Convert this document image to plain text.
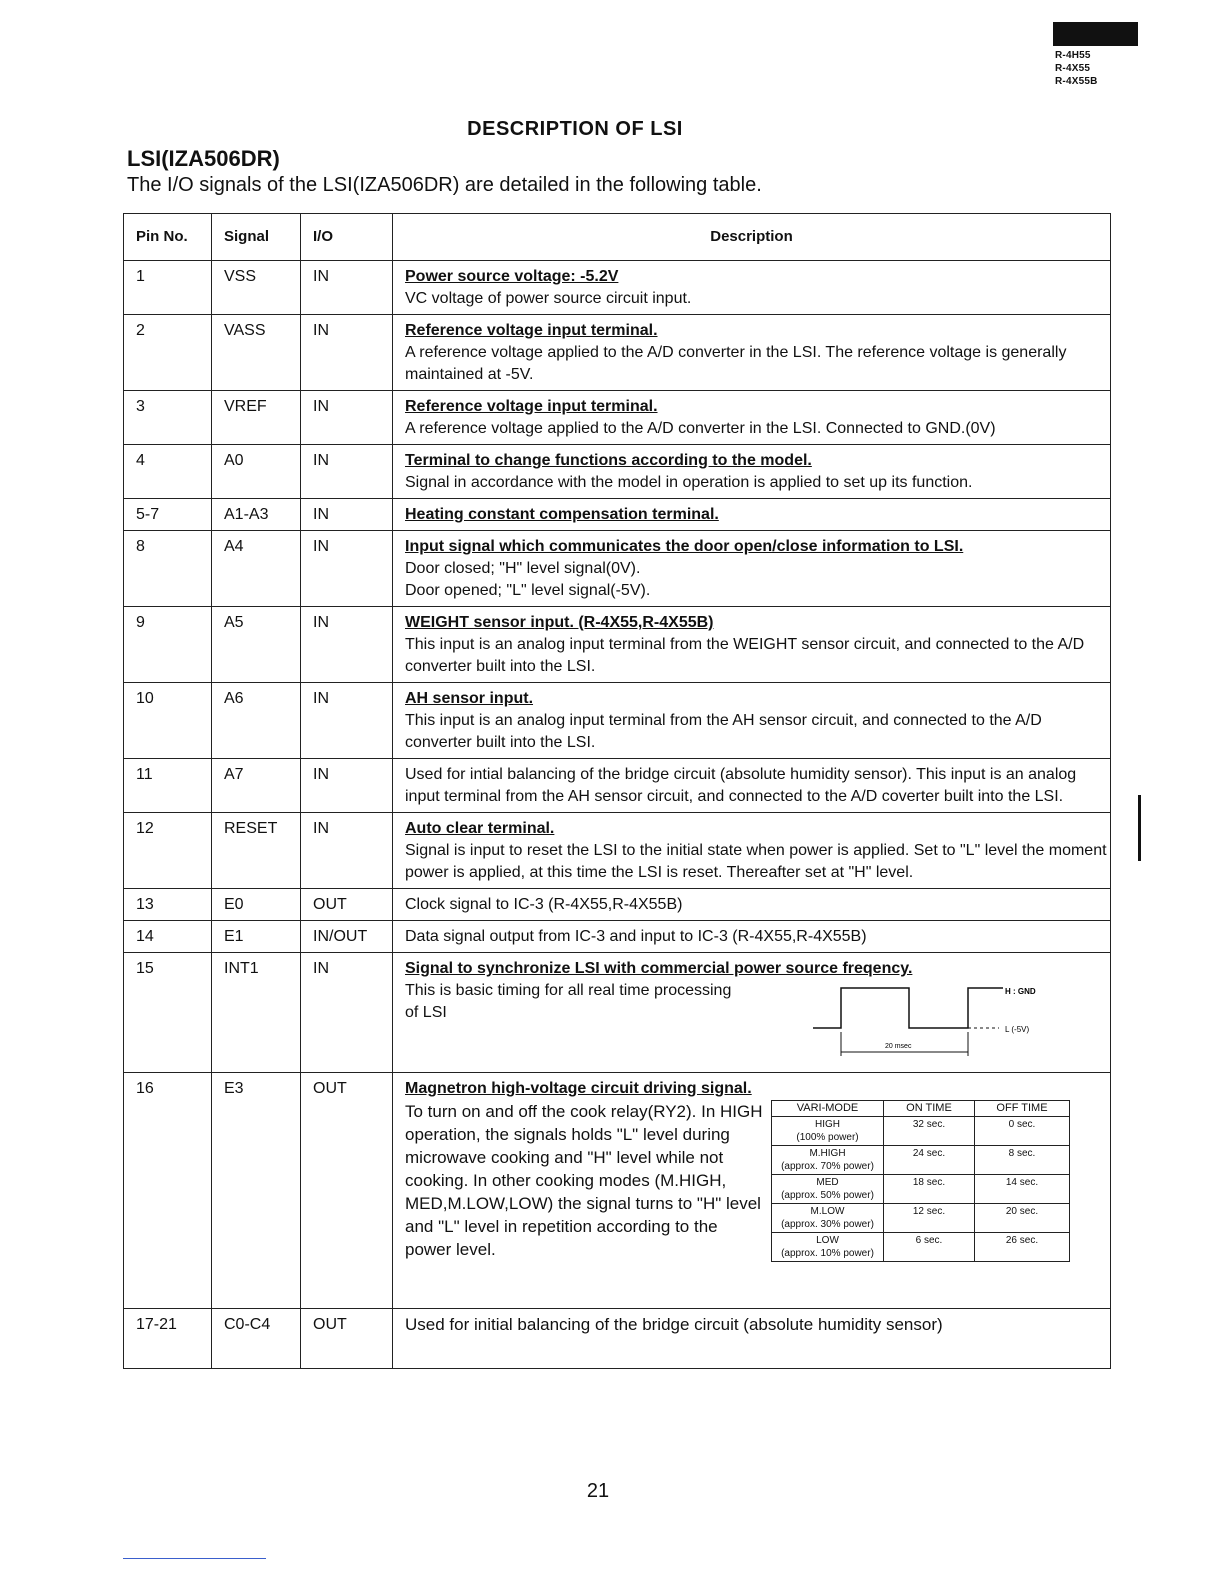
R-4H55
R-4X55
R-4X55B
DESCRIPTION OF LSI
LSI(IZA506DR)
The I/O signals of the LSI(IZA506DR) are detailed in the following table.
Pin No.	Signal	I/O	Description
1	VSS	IN	Power source voltage: -5.2V
VC voltage of power source circuit input.

2	VASS	IN	Reference voltage input terminal.
A reference voltage applied to the A/D converter in the LSI. The reference voltage is generally maintained at -5V.

3	VREF	IN	Reference voltage input terminal.
A reference voltage applied to the A/D converter in the LSI. Connected to GND.(0V)

4	A0	IN	Terminal to change functions according to the model.
Signal in accordance with the model in operation is applied to set up its function.

5-7	A1-A3	IN	Heating constant compensation terminal.

8	A4	IN	Input signal which communicates the door open/close information to LSI.
Door closed; "H" level signal(0V).
Door opened; "L" level signal(-5V).

9	A5	IN	WEIGHT sensor input. (R-4X55,R-4X55B)
This input is an analog input terminal from the WEIGHT sensor circuit, and connected to the A/D converter built into the LSI.

10	A6	IN	AH sensor input.
This input is an analog input terminal from the AH sensor circuit, and connected to the A/D converter built into the LSI.

11	A7	IN	Used for intial balancing of the bridge circuit (absolute humidity sensor). This input is an analog input terminal from the AH sensor circuit, and connected to the A/D coverter built into the LSI.

12	RESET	IN	Auto clear terminal.
Signal is input to reset the LSI to the initial state when power is applied. Set to "L" level the moment power is applied, at this time the LSI is reset. Thereafter set at "H" level.

13	E0	OUT	Clock signal to IC-3 (R-4X55,R-4X55B)

14	E1	IN/OUT	Data signal output from IC-3 and input to IC-3 (R-4X55,R-4X55B)

15	INT1	IN	Signal to synchronize LSI with commercial power source freqency.
This is basic timing for all real time processing of LSI
H : GND
L (-5V)
20 msec

16	E3	OUT	Magnetron high-voltage circuit driving signal.
To turn on and off the cook relay(RY2). In HIGH operation, the signals holds "L" level during microwave cooking and "H" level while not cooking. In other cooking modes (M.HIGH, MED,M.LOW,LOW) the signal turns to "H" level and "L" level in repetition according to the power level.
VARI-MODE	ON TIME	OFF TIME

HIGH
(100% power)
	32 sec.	0 sec.

M.HIGH
(approx. 70% power)
	24 sec.	8 sec.

MED
(approx. 50% power)
	18 sec.	14 sec.

M.LOW
(approx. 30% power)
	12 sec.	20 sec.

LOW
(approx. 10% power)
	6 sec.	26 sec.

17-21	C0-C4	OUT	Used for initial balancing of the bridge circuit (absolute humidity sensor)
21
